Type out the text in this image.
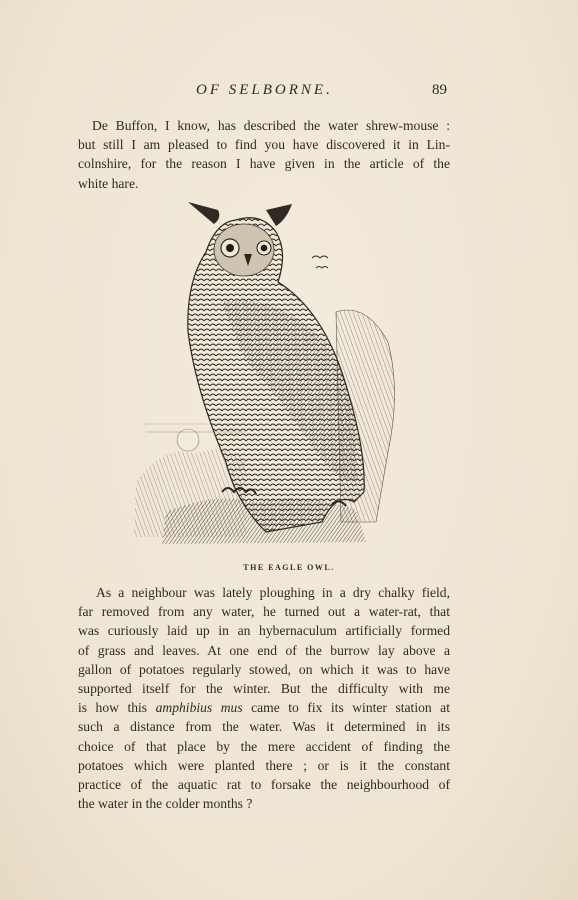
OF SELBORNE.	89
De Buffon, I know, has described the water shrew-mouse :
but still I am pleased to find you have discovered it in Lin-
colnshire, for the reason I have given in the article of the
white hare.
THE EAGLE OWL.
As a neighbour was lately ploughing in a dry chalky field,
far removed from any water, he turned out a water-rat, that
was curiously laid up in an hybernaculum artificially formed
of grass and leaves. At one end of the burrow lay above a
gallon of potatoes regularly stowed, on which it was to have
supported itself for the winter. But the difficulty with me
is how this amphibius mus came to fix its winter station at
such a distance from the water. Was it determined in its
choice of that place by the mere accident of finding the
potatoes which were planted there ; or is it the constant
practice of the aquatic rat to forsake the neighbourhood of
the water in the colder months ?
